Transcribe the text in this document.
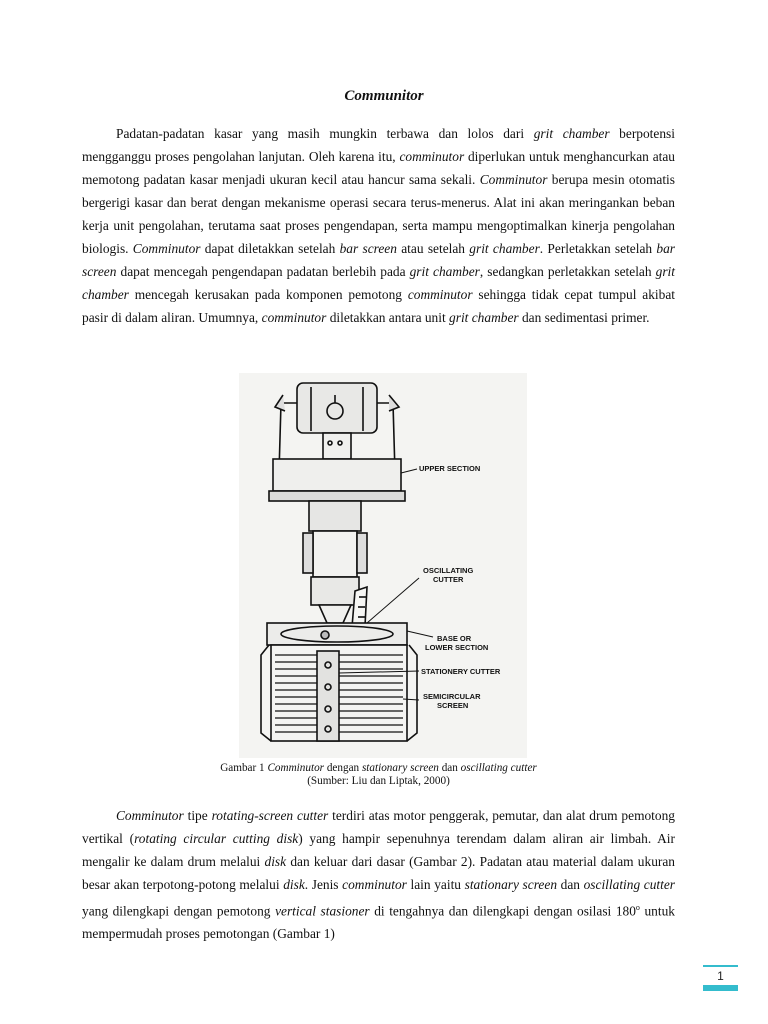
Communitor

Padatan-padatan kasar yang masih mungkin terbawa dan lolos dari grit chamber berpotensi mengganggu proses pengolahan lanjutan. Oleh karena itu, comminutor diperlukan untuk menghancurkan atau memotong padatan kasar menjadi ukuran kecil atau hancur sama sekali. Comminutor berupa mesin otomatis bergerigi kasar dan berat dengan mekanisme operasi secara terus-menerus. Alat ini akan meringankan beban kerja unit pengolahan, terutama saat proses pengendapan, serta mampu mengoptimalkan kinerja pengolahan biologis. Comminutor dapat diletakkan setelah bar screen atau setelah grit chamber. Perletakkan setelah bar screen dapat mencegah pengendapan padatan berlebih pada grit chamber, sedangkan perletakkan setelah grit chamber mencegah kerusakan pada komponen pemotong comminutor sehingga tidak cepat tumpul akibat pasir di dalam aliran. Umumnya, comminutor diletakkan antara unit grit chamber dan sedimentasi primer.

UPPER SECTION
OSCILLATING
CUTTER
BASE OR
LOWER SECTION
STATIONERY CUTTER
SEMICIRCULAR
SCREEN

Gambar 1 Comminutor dengan stationary screen dan oscillating cutter

(Sumber: Liu dan Liptak, 2000)

Comminutor tipe rotating-screen cutter terdiri atas motor penggerak, pemutar, dan alat drum pemotong vertikal (rotating circular cutting disk) yang hampir sepenuhnya terendam dalam aliran air limbah. Air mengalir ke dalam drum melalui disk dan keluar dari dasar (Gambar 2). Padatan atau material dalam ukuran besar akan terpotong-potong melalui disk. Jenis comminutor lain yaitu stationary screen dan oscillating cutter yang dilengkapi dengan pemotong vertical stasioner di tengahnya dan dilengkapi dengan osilasi 180$^o$ untuk mempermudah proses pemotongan (Gambar 1)

1
